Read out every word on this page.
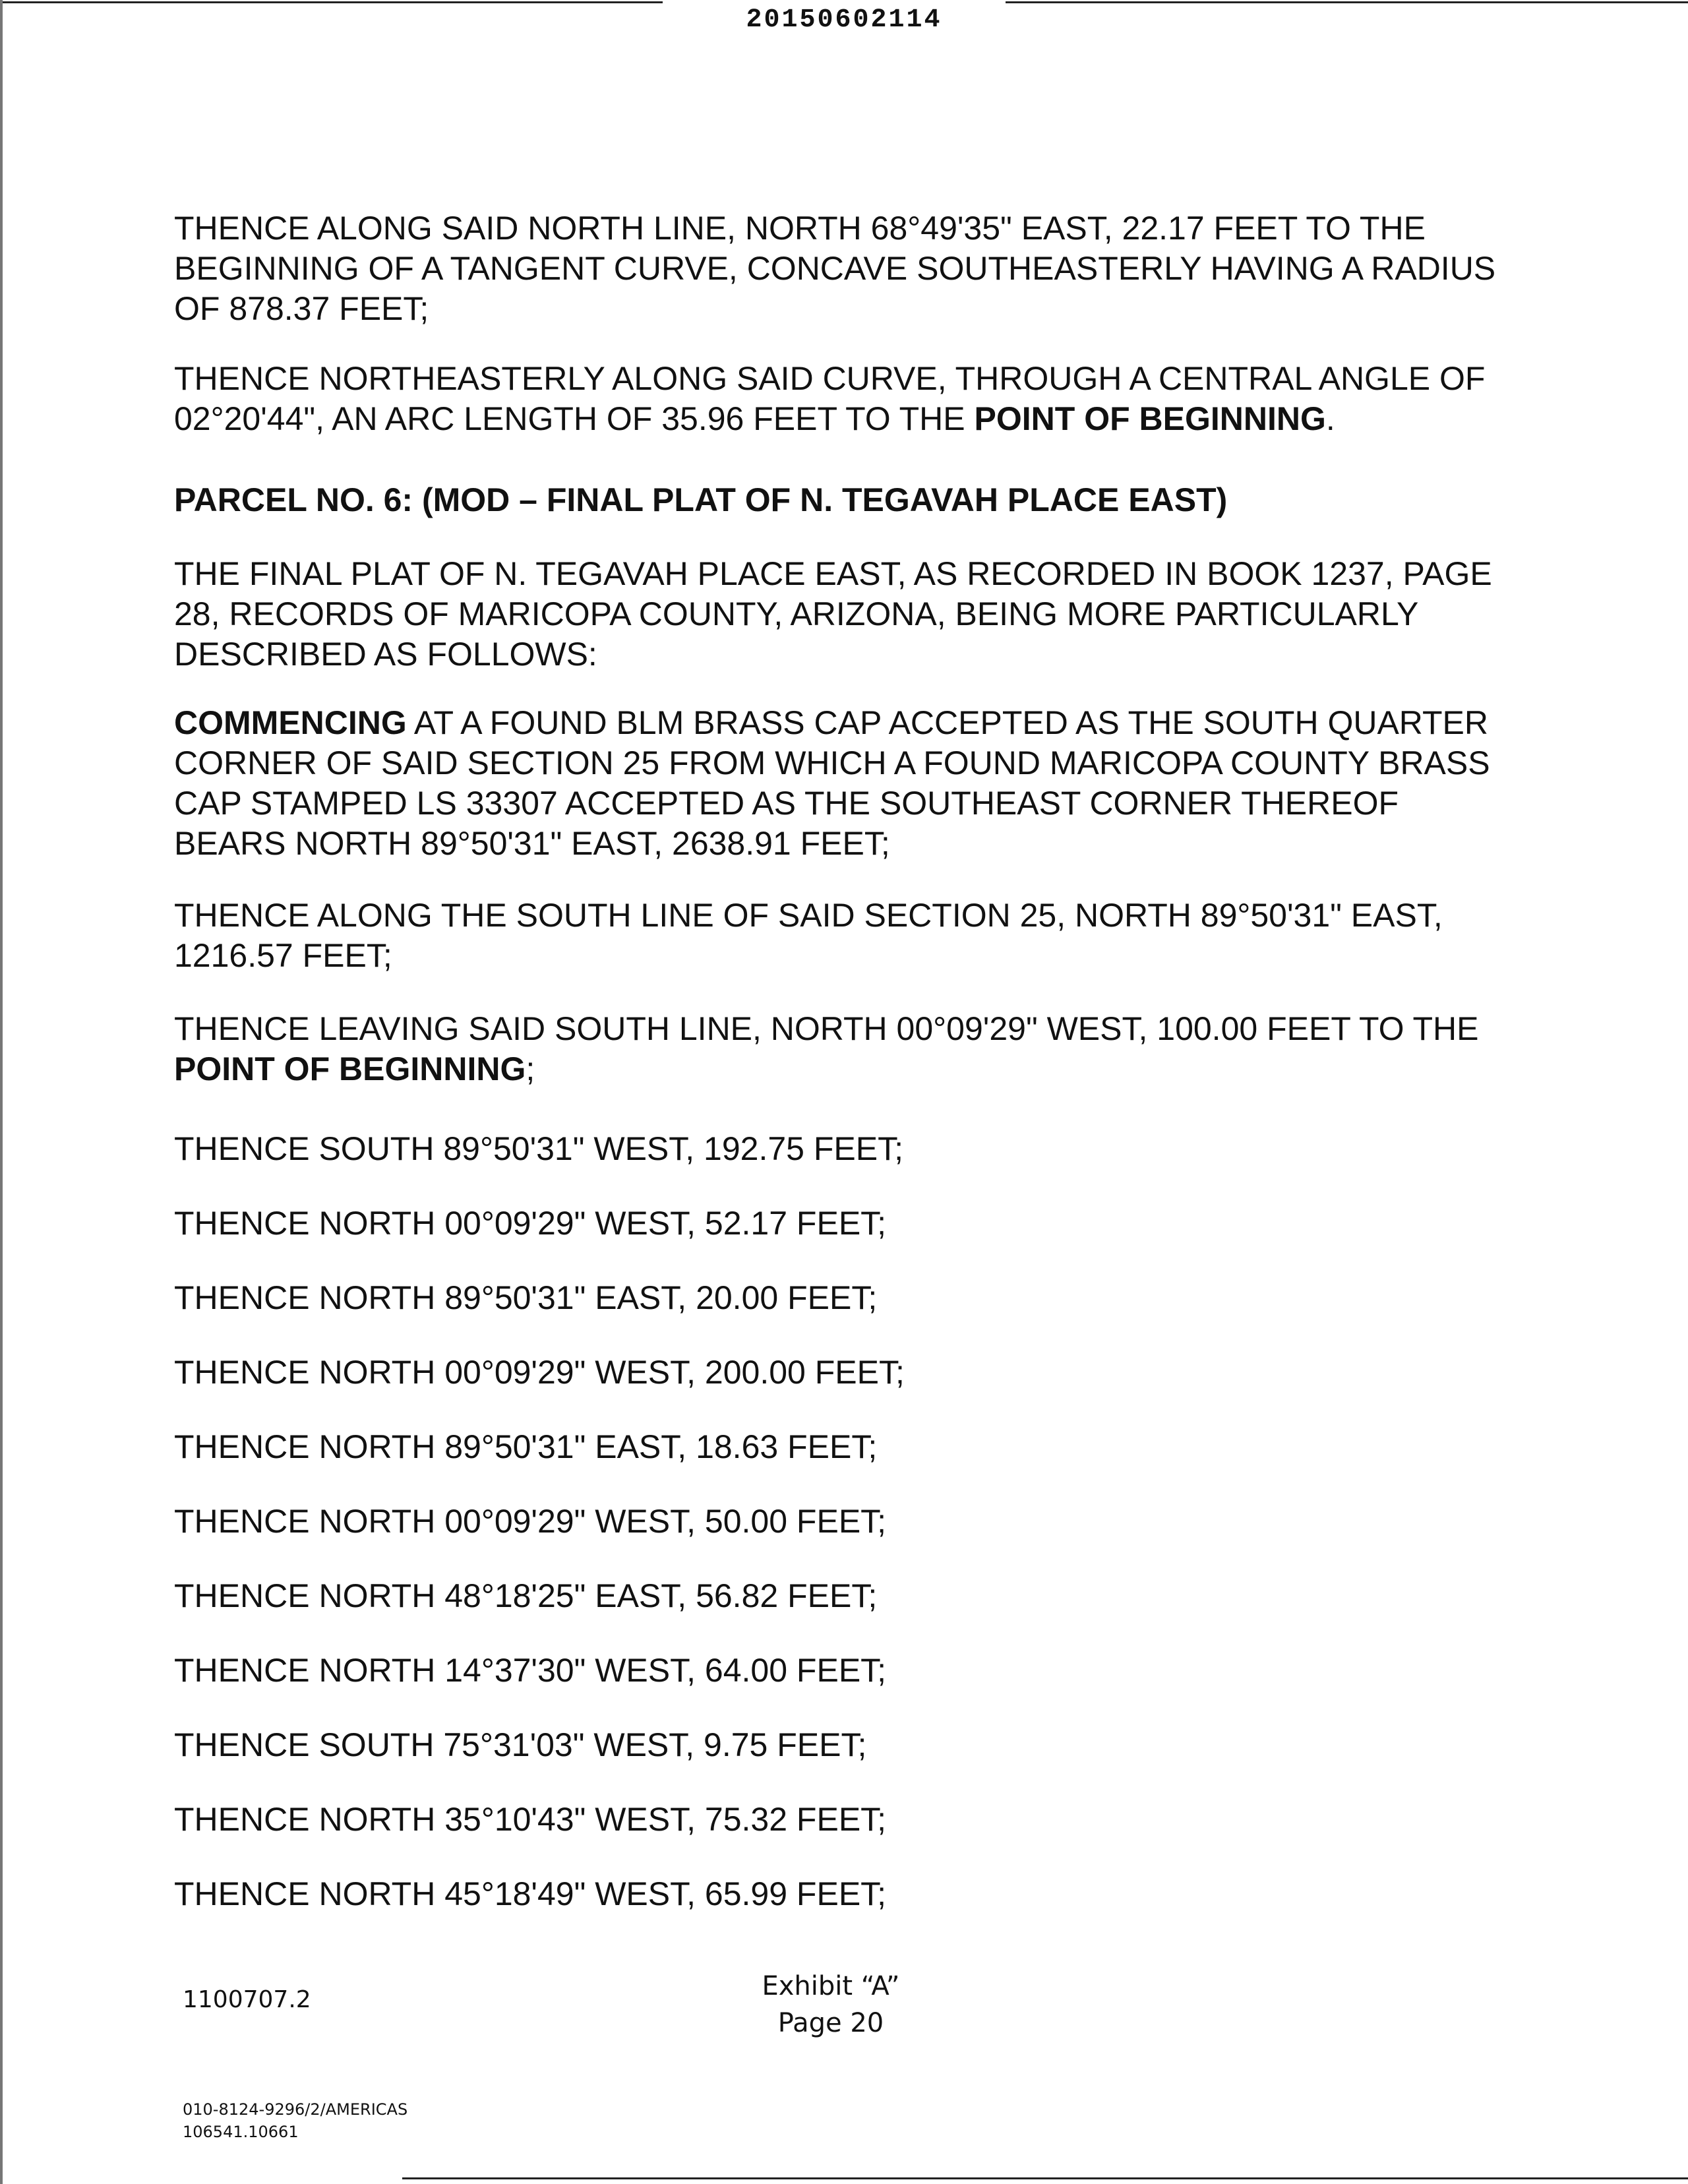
20150602114

THENCE ALONG SAID NORTH LINE, NORTH 68°49'35" EAST, 22.17 FEET TO THE BEGINNING OF A TANGENT CURVE, CONCAVE SOUTHEASTERLY HAVING A RADIUS OF 878.37 FEET;

THENCE NORTHEASTERLY ALONG SAID CURVE, THROUGH A CENTRAL ANGLE OF 02°20'44", AN ARC LENGTH OF 35.96 FEET TO THE POINT OF BEGINNING.

PARCEL NO. 6: (MOD – FINAL PLAT OF N. TEGAVAH PLACE EAST)

THE FINAL PLAT OF N. TEGAVAH PLACE EAST, AS RECORDED IN BOOK 1237, PAGE 28, RECORDS OF MARICOPA COUNTY, ARIZONA, BEING MORE PARTICULARLY DESCRIBED AS FOLLOWS:

COMMENCING AT A FOUND BLM BRASS CAP ACCEPTED AS THE SOUTH QUARTER CORNER OF SAID SECTION 25 FROM WHICH A FOUND MARICOPA COUNTY BRASS CAP STAMPED LS 33307 ACCEPTED AS THE SOUTHEAST CORNER THEREOF BEARS NORTH 89°50'31" EAST, 2638.91 FEET;

THENCE ALONG THE SOUTH LINE OF SAID SECTION 25, NORTH 89°50'31" EAST, 1216.57 FEET;

THENCE LEAVING SAID SOUTH LINE, NORTH 00°09'29" WEST, 100.00 FEET TO THE POINT OF BEGINNING;

THENCE SOUTH 89°50'31" WEST, 192.75 FEET;
THENCE NORTH 00°09'29" WEST, 52.17 FEET;
THENCE NORTH 89°50'31" EAST, 20.00 FEET;
THENCE NORTH 00°09'29" WEST, 200.00 FEET;
THENCE NORTH 89°50'31" EAST, 18.63 FEET;
THENCE NORTH 00°09'29" WEST, 50.00 FEET;
THENCE NORTH 48°18'25" EAST, 56.82 FEET;
THENCE NORTH 14°37'30" WEST, 64.00 FEET;
THENCE SOUTH 75°31'03" WEST, 9.75 FEET;
THENCE NORTH 35°10'43" WEST, 75.32 FEET;
THENCE NORTH 45°18'49" WEST, 65.99 FEET;
1100707.2	Exhibit “A”
Page 20
010-8124-9296/2/AMERICAS
106541.10661
